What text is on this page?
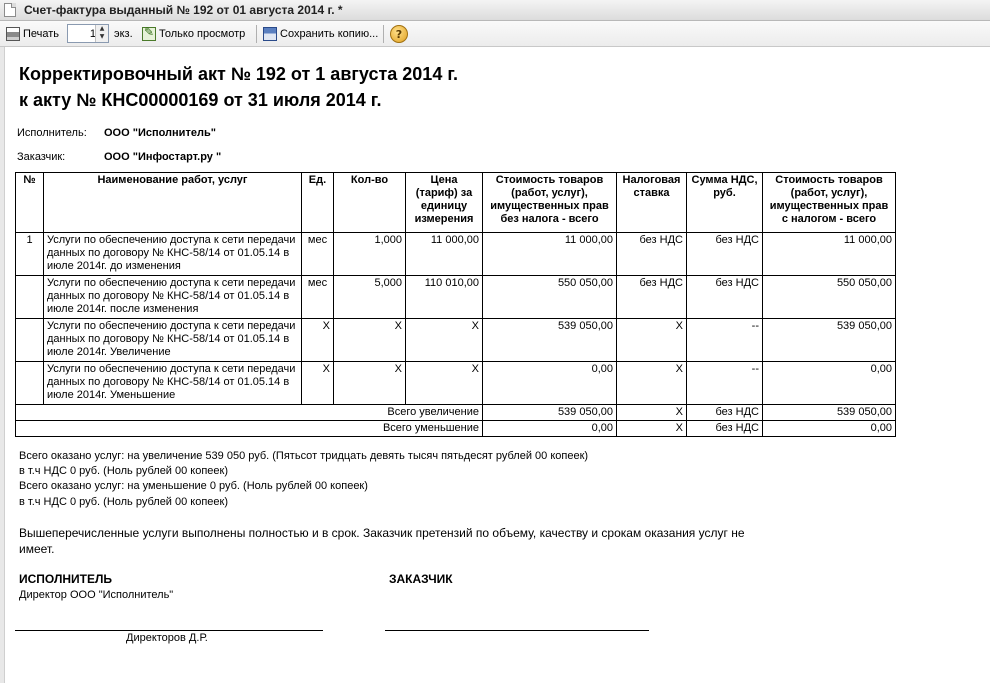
Счет-фактура выданный № 192 от 01 августа 2014 г. *
Печать
1	▲
▼ экз. ✎ Только просмотр	Сохранить копию...	?
Корректировочный акт № 192 от 1 августа 2014 г.
к акту № КНС00000169 от 31 июля 2014 г.
Исполнитель: ООО "Исполнитель"
Заказчик:	ООО "Инфостарт.ру "
№	Наименование работ, услуг	Ед.	Кол-во	Цена (тариф) за единицу измерения	Стоимость товаров (работ, услуг), имущественных прав без налога - всего	Налоговая ставка	Сумма НДС, руб.	Стоимость товаров (работ, услуг), имущественных прав с налогом - всего
1	Услуги по обеспечению доступа к сети передачи данных по договору № КНС-58/14 от 01.05.14 в июле 2014г. до изменения	мес	1,000	11 000,00	11 000,00	без НДС	без НДС	11 000,00
	Услуги по обеспечению доступа к сети передачи данных по договору № КНС-58/14 от 01.05.14 в июле 2014г. после изменения	мес	5,000	110 010,00	550 050,00	без НДС	без НДС	550 050,00
	Услуги по обеспечению доступа к сети передачи данных по договору № КНС-58/14 от 01.05.14 в июле 2014г. Увеличение	X	X	X	539 050,00	X	--	539 050,00
	Услуги по обеспечению доступа к сети передачи данных по договору № КНС-58/14 от 01.05.14 в июле 2014г. Уменьшение	X	X	X	0,00	X	--	0,00
Всего увеличение					539 050,00	X	без НДС	539 050,00
Всего уменьшение					0,00	X	без НДС	0,00
Всего оказано услуг: на увеличение 539 050 руб. (Пятьсот тридцать девять тысяч пятьдесят рублей 00 копеек)
в т.ч НДС 0 руб. (Ноль рублей 00 копеек)
Всего оказано услуг: на уменьшение 0 руб. (Ноль рублей 00 копеек)
в т.ч НДС 0 руб. (Ноль рублей 00 копеек)
Вышеперечисленные услуги выполнены полностью и в срок. Заказчик претензий по объему, качеству и срокам оказания услуг не имеет.
ИСПОЛНИТЕЛЬ
Директор ООО "Исполнитель"
ЗАКАЗЧИК
Директоров Д.Р.
